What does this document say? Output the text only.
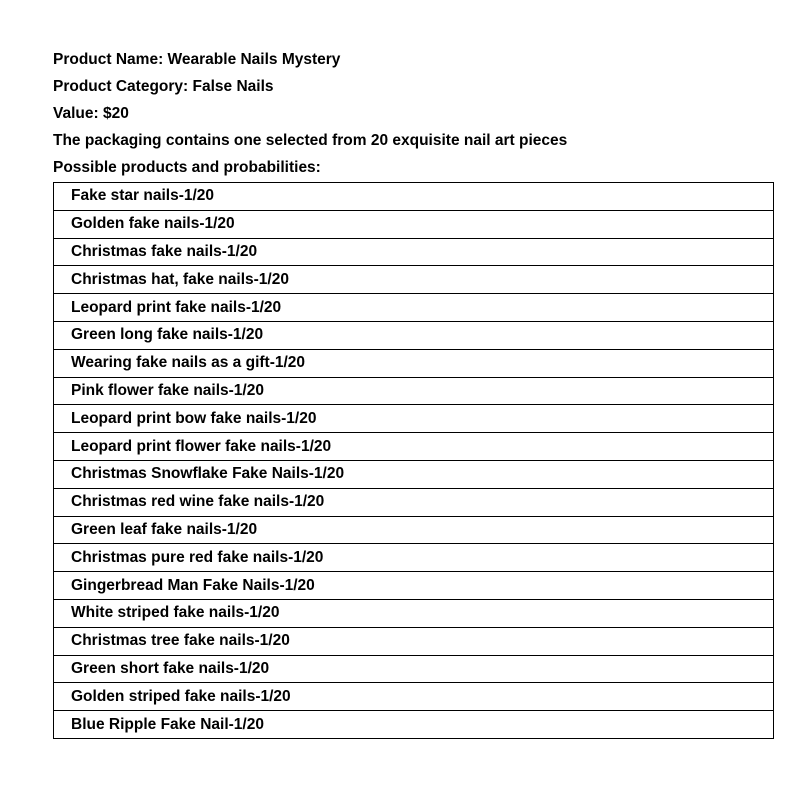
Product Name: Wearable Nails Mystery
Product Category: False Nails
Value: $20
The packaging contains one selected from 20 exquisite nail art pieces
Possible products and probabilities:
Fake star nails-1/20
Golden fake nails-1/20
Christmas fake nails-1/20
Christmas hat, fake nails-1/20
Leopard print fake nails-1/20
Green long fake nails-1/20
Wearing fake nails as a gift-1/20
Pink flower fake nails-1/20
Leopard print bow fake nails-1/20
Leopard print flower fake nails-1/20
Christmas Snowflake Fake Nails-1/20
Christmas red wine fake nails-1/20
Green leaf fake nails-1/20
Christmas pure red fake nails-1/20
Gingerbread Man Fake Nails-1/20
White striped fake nails-1/20
Christmas tree fake nails-1/20
Green short fake nails-1/20
Golden striped fake nails-1/20
Blue Ripple Fake Nail-1/20
